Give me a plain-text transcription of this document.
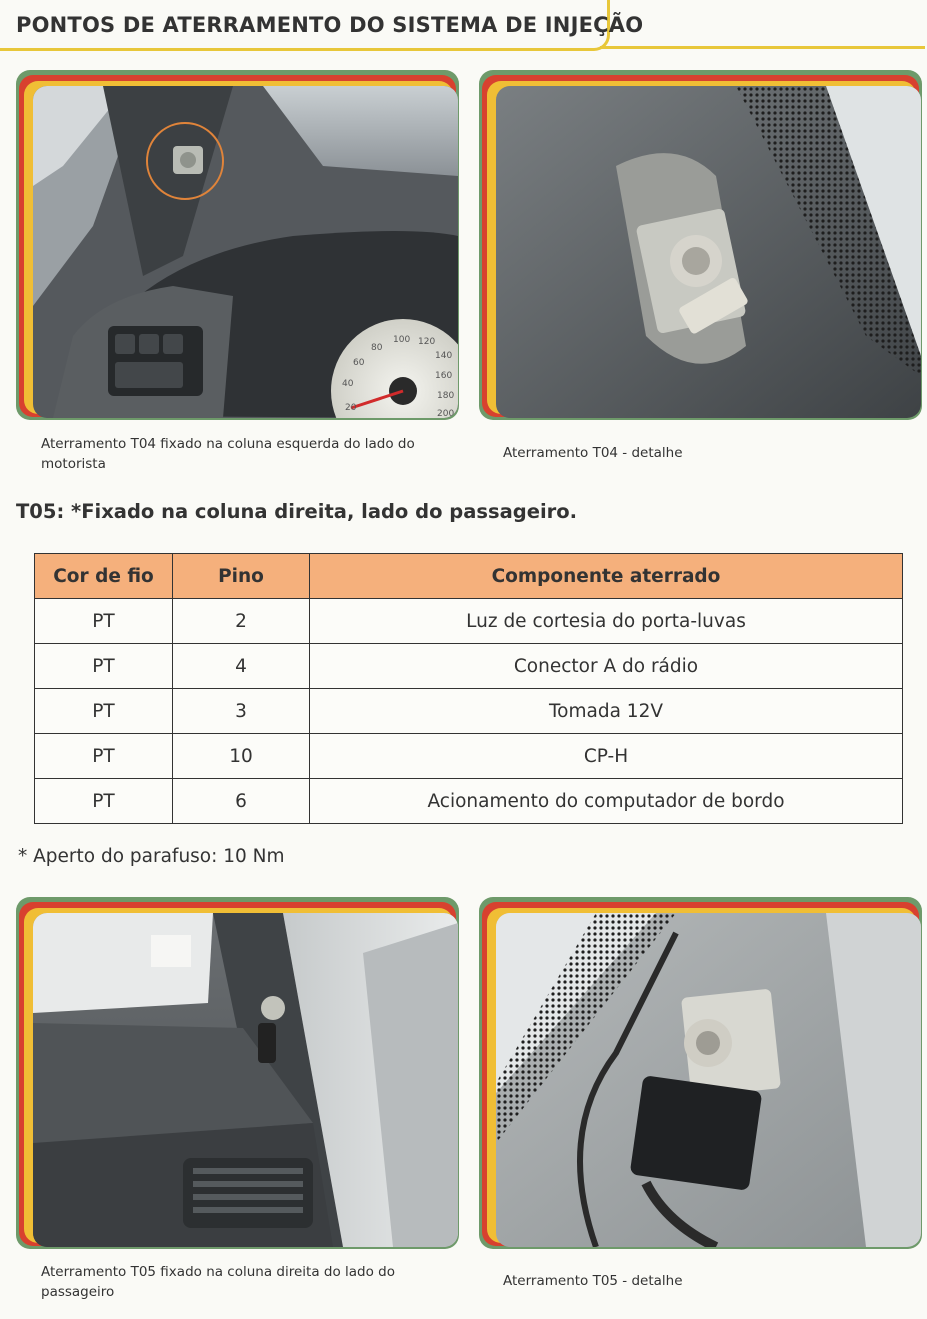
PONTOS DE ATERRAMENTO DO SISTEMA DE INJEÇÃO
20
40
60
80
100 120
140
160
180
200
Aterramento T04 fixado na coluna esquerda do lado do motorista
Aterramento T04 - detalhe
T05: *Fixado na coluna direita, lado do passageiro.
Cor de fio	Pino	Componente aterrado
PT	2	Luz de cortesia do porta-luvas
PT	4	Conector A do rádio
PT	3	Tomada 12V
PT	10	CP-H
PT	6	Acionamento do computador de bordo
* Aperto do parafuso: 10 Nm
Aterramento T05 fixado na coluna direita do lado do passageiro
Aterramento T05 - detalhe
